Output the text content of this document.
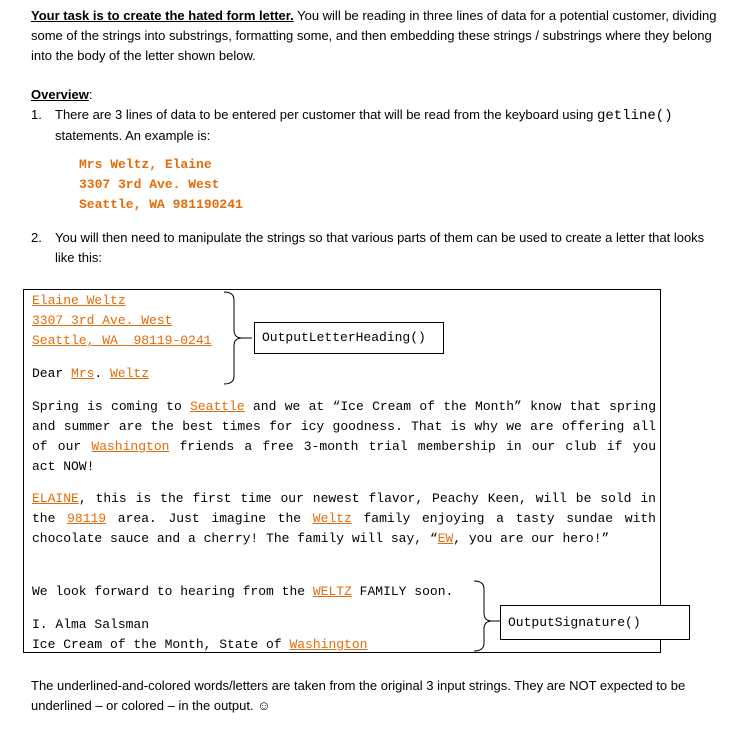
Your task is to create the hated form letter. You will be reading in three lines of data for a potential customer, dividing some of the strings into substrings, formatting some, and then embedding these strings / substrings where they belong into the body of the letter shown below.
Overview:
1. There are 3 lines of data to be entered per customer that will be read from the keyboard using getline() statements. An example is:
Mrs Weltz, Elaine
3307 3rd Ave. West
Seattle, WA 981190241
2. You will then need to manipulate the strings so that various parts of them can be used to create a letter that looks like this:
Elaine Weltz
3307 3rd Ave. West
Seattle, WA 98119-0241
Dear Mrs. Weltz
Spring is coming to Seattle and we at “Ice Cream of the Month” know that spring and summer are the best times for icy goodness. That is why we are offering all of our Washington friends a free 3-month trial membership in our club if you act NOW!
ELAINE, this is the first time our newest flavor, Peachy Keen, will be sold in the 98119 area. Just imagine the Weltz family enjoying a tasty sundae with chocolate sauce and a cherry! The family will say, “EW, you are our hero!”
We look forward to hearing from the WELTZ FAMILY soon.
I. Alma Salsman
Ice Cream of the Month, State of Washington
OutputLetterHeading()
OutputSignature()
The underlined-and-colored words/letters are taken from the original 3 input strings. They are NOT expected to be underlined – or colored – in the output. ☺
